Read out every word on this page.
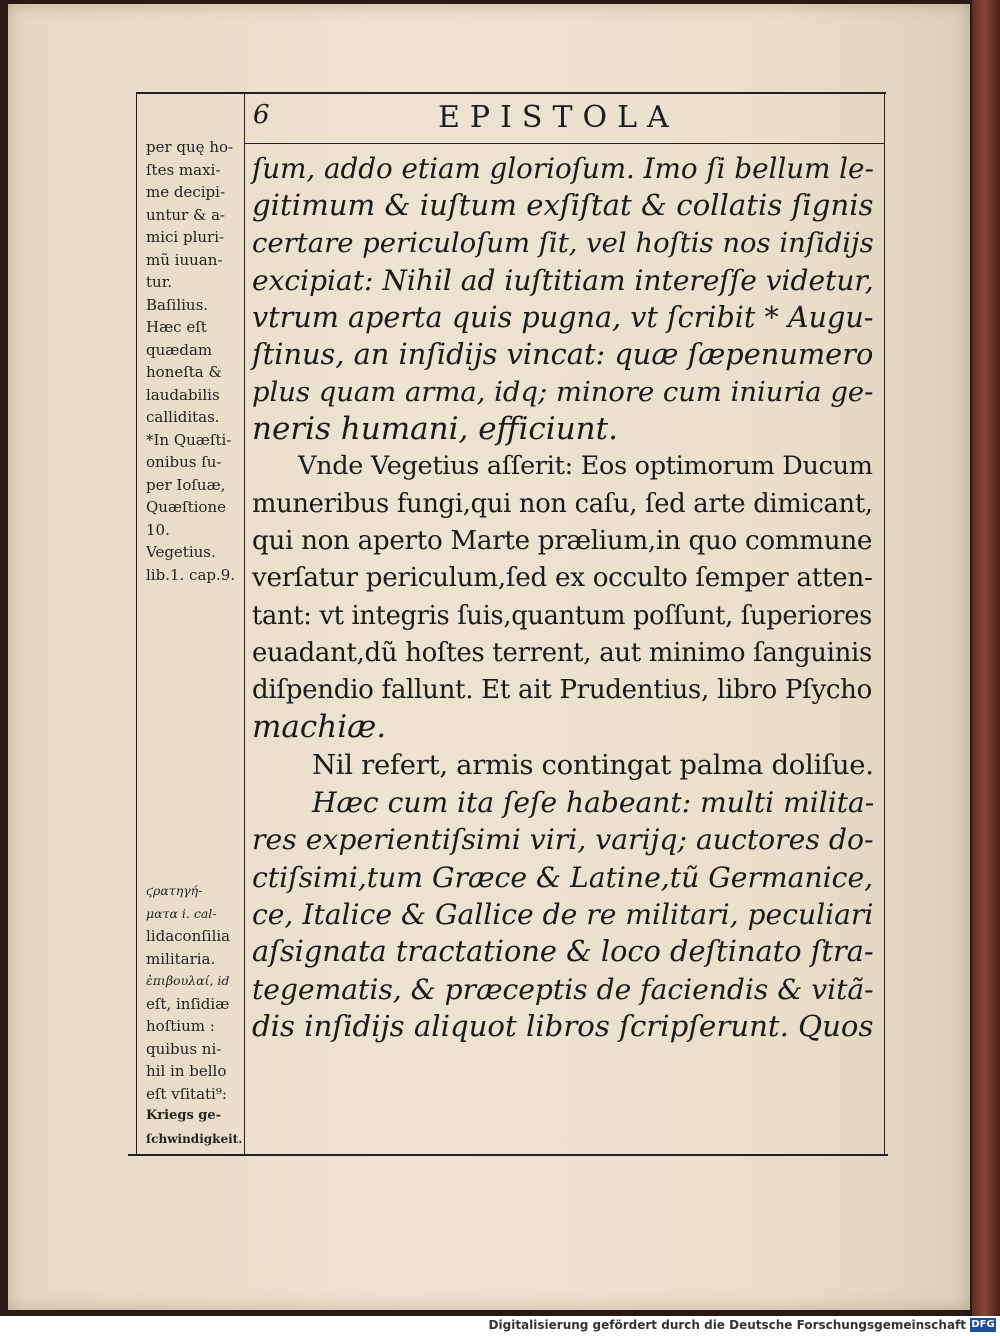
6	EPISTOLA
per quę ho-
ſtes maxi-
me decipi-
untur & a-
mici pluri-
mũ iuuan-
tur.
Baſilius.
Hæc eſt
quædam
honeſta &
laudabilis
calliditas.
*In Quæſti-
onibus ſu-
per Ioſuæ,
Quæſtione
10.
Vegetius.
lib.1. cap.9.
ϛρατηγή-
ματα i. cal-
lidaconſilia
militaria.
ἐπιβουλαί, id
eſt, inſidiæ
hoſtium :
quibus ni-
hil in bello
eſt vſitati⁹:
Kriegs ge-
ſchwindigkeit.
ſum, addo etiam glorioſum. Imo ſi bellum le-
gitimum & iuſtum exſiſtat & collatis ſignis
certare periculoſum ſit, vel hoſtis nos inſidijs
excipiat: Nihil ad iuſtitiam intereſſe videtur,
vtrum aperta quis pugna, vt ſcribit * Augu-
ſtinus, an inſidijs vincat: quæ ſæpenumero
plus quam arma, idq; minore cum iniuria ge-
neris humani, efficiunt.
Vnde Vegetius aſſerit: Eos optimorum Ducum
muneribus fungi,qui non caſu, ſed arte dimicant,
qui non aperto Marte prælium,in quo commune
verſatur periculum,ſed ex occulto ſemper atten-
tant: vt integris ſuis,quantum poſſunt, ſuperiores
euadant,dũ hoſtes terrent, aut minimo ſanguinis
diſpendio fallunt. Et ait Prudentius, libro Pſycho
machiæ.
Nil refert, armis contingat palma doliſue.
Hæc cum ita ſeſe habeant: multi milita-
res experientiſsimi viri, varijq; auctores do-
ctiſsimi,tum Græce & Latine,tũ Germanice,
ce, Italice & Gallice de re militari, peculiari
aſsignata tractatione & loco deſtinato ſtra-
tegematis, & præceptis de faciendis & vitã-
dis inſidijs aliquot libros ſcripſerunt. Quos
Digitalisierung gefördert durch die Deutsche Forschungsgemeinschaft DFG
